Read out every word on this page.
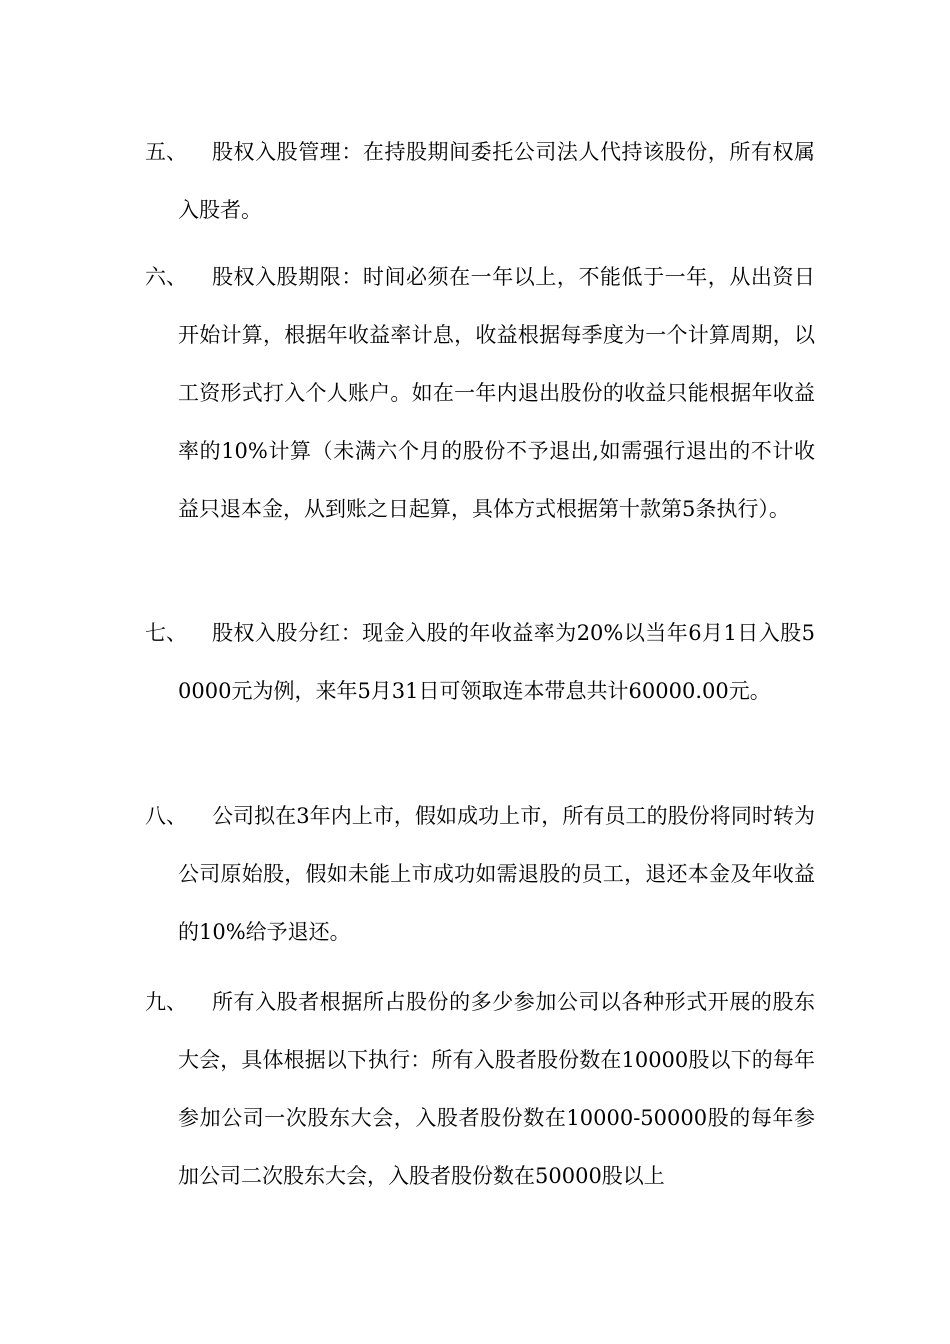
五、	股权入股管理：在持股期间委托公司法人代持该股份，所有权属入股者。
六、	股权入股期限：时间必须在一年以上，不能低于一年，从出资日开始计算，根据年收益率计息，收益根据每季度为一个计算周期，以工资形式打入个人账户。如在一年内退出股份的收益只能根据年收益率的10%计算（未满六个月的股份不予退出,如需强行退出的不计收益只退本金，从到账之日起算，具体方式根据第十款第5条执行）。
七、	股权入股分红：现金入股的年收益率为20%以当年6月1日入股50000元为例，来年5月31日可领取连本带息共计60000.00元。
八、	公司拟在3年内上市，假如成功上市，所有员工的股份将同时转为公司原始股，假如未能上市成功如需退股的员工，退还本金及年收益的10%给予退还。
九、	所有入股者根据所占股份的多少参加公司以各种形式开展的股东大会，具体根据以下执行：所有入股者股份数在10000股以下的每年参加公司一次股东大会，入股者股份数在10000-50000股的每年参加公司二次股东大会，入股者股份数在50000股以上
